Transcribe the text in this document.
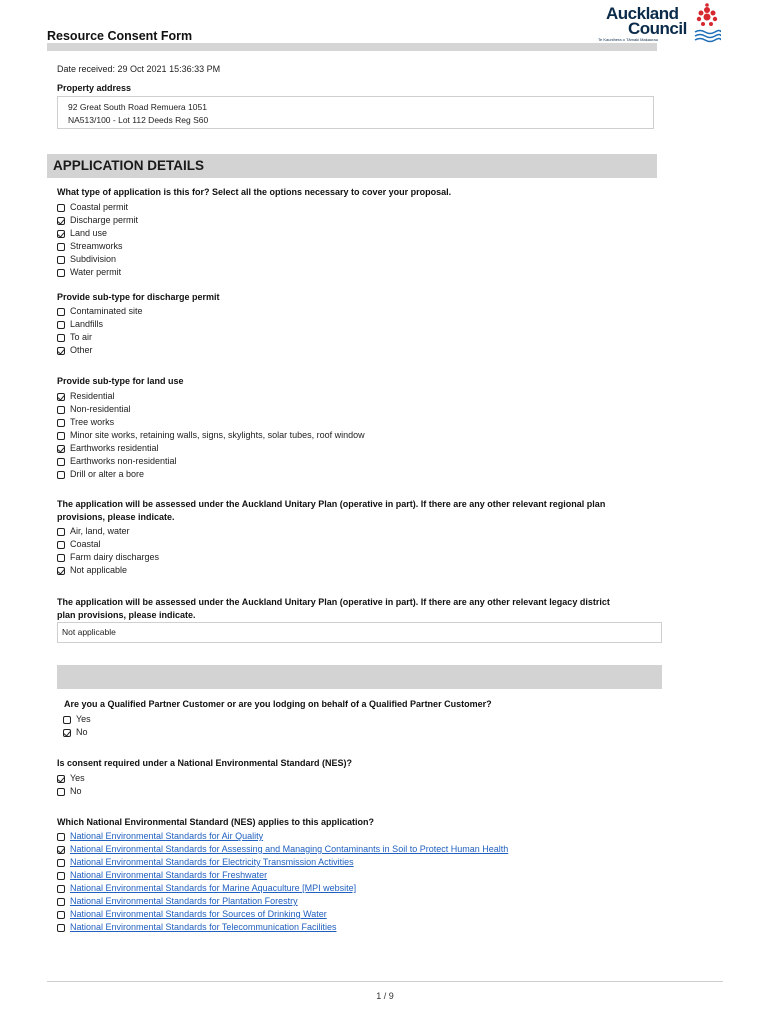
Resource Consent Form
Auckland
Council
Te Kaunihera o Tāmaki Makaurau
Date received: 29 Oct 2021 15:36:33 PM
Property address
92 Great South Road Remuera 1051
NA513/100 - Lot 112 Deeds Reg S60
APPLICATION DETAILS
What type of application is this for? Select all the options necessary to cover your proposal.
Coastal permit
Discharge permit
Land use
Streamworks
Subdivision
Water permit
Provide sub-type for discharge permit
Contaminated site
Landfills
To air
Other
Provide sub-type for land use
Residential
Non-residential
Tree works
Minor site works, retaining walls, signs, skylights, solar tubes, roof window
Earthworks residential
Earthworks non-residential
Drill or alter a bore
The application will be assessed under the Auckland Unitary Plan (operative in part). If there are any other relevant regional plan
provisions, please indicate.
Air, land, water
Coastal
Farm dairy discharges
Not applicable
The application will be assessed under the Auckland Unitary Plan (operative in part). If there are any other relevant legacy district
plan provisions, please indicate.
Not applicable
Are you a Qualified Partner Customer or are you lodging on behalf of a Qualified Partner Customer?
Yes
No
Is consent required under a National Environmental Standard (NES)?
Yes
No
Which National Environmental Standard (NES) applies to this application?
National Environmental Standards for Air Quality
National Environmental Standards for Assessing and Managing Contaminants in Soil to Protect Human Health
National Environmental Standards for Electricity Transmission Activities
National Environmental Standards for Freshwater
National Environmental Standards for Marine Aquaculture [MPI website]
National Environmental Standards for Plantation Forestry
National Environmental Standards for Sources of Drinking Water
National Environmental Standards for Telecommunication Facilities
1 / 9
